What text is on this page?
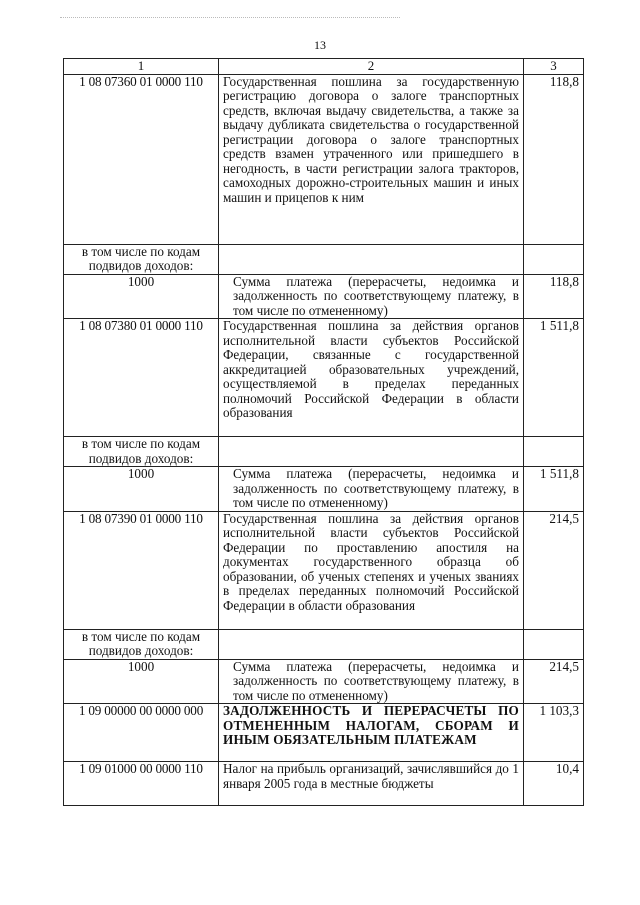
13
1	2	3
1 08 07360 01 0000 110	Государственная пошлина за государственную регистрацию договора о залоге транспортных средств, включая выдачу свидетельства, а также за выдачу дубликата свидетельства о государственной регистрации договора о залоге транспортных средств взамен утраченного или пришедшего в негодность, в части регистрации залога тракторов, самоходных дорожно-строительных машин и иных машин и прицепов к ним	118,8
в том числе по кодам подвидов доходов:		
1000	Сумма платежа (перерасчеты, недоимка и задолженность по соответствующему платежу, в том числе по отмененному)	118,8
1 08 07380 01 0000 110	Государственная пошлина за действия органов исполнительной власти субъектов Российской Федерации, связанные с государственной аккредитацией образовательных учреждений, осуществляемой в пределах переданных полномочий Российской Федерации в области образования	1 511,8
в том числе по кодам подвидов доходов:		
1000	Сумма платежа (перерасчеты, недоимка и задолженность по соответствующему платежу, в том числе по отмененному)	1 511,8
1 08 07390 01 0000 110	Государственная пошлина за действия органов исполнительной власти субъектов Российской Федерации по проставлению апостиля на документах государственного образца об образовании, об ученых степенях и ученых званиях в пределах переданных полномочий Российской Федерации в области образования	214,5
в том числе по кодам подвидов доходов:		
1000	Сумма платежа (перерасчеты, недоимка и задолженность по соответствующему платежу, в том числе по отмененному)	214,5
1 09 00000 00 0000 000	ЗАДОЛЖЕННОСТЬ И ПЕРЕРАСЧЕТЫ ПО ОТМЕНЕННЫМ НАЛОГАМ, СБОРАМ И ИНЫМ ОБЯЗАТЕЛЬНЫМ ПЛАТЕЖАМ	1 103,3
1 09 01000 00 0000 110	Налог на прибыль организаций, зачислявшийся до 1 января 2005 года в местные бюджеты	10,4
